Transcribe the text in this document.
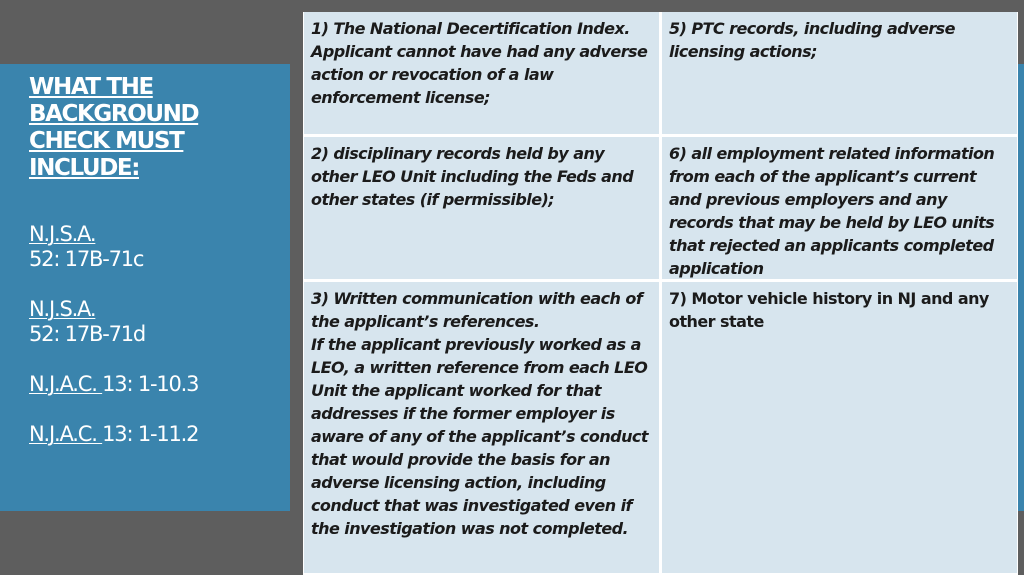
WHAT THE
BACKGROUND
CHECK MUST
INCLUDE:
N.J.S.A.
52: 17B-71c
N.J.S.A.
52: 17B-71d
N.J.A.C. 13: 1-10.3
N.J.A.C. 13: 1-11.2
1) The National Decertification Index. Applicant cannot have had any adverse action or revocation of a law enforcement license;
5) PTC records, including adverse licensing actions;
2) disciplinary records held by any other LEO Unit including the Feds and other states (if permissible);
6) all employment related information from each of the applicant’s current and previous employers and any records that may be held by LEO units that rejected an applicants completed application
3) Written communication with each of the applicant’s references.
If the applicant previously worked as a LEO, a written reference from each LEO Unit the applicant worked for that addresses if the former employer is aware of any of the applicant’s conduct that would provide the basis for an adverse licensing action, including conduct that was investigated even if the investigation was not completed.
7) Motor vehicle history in NJ and any other state
